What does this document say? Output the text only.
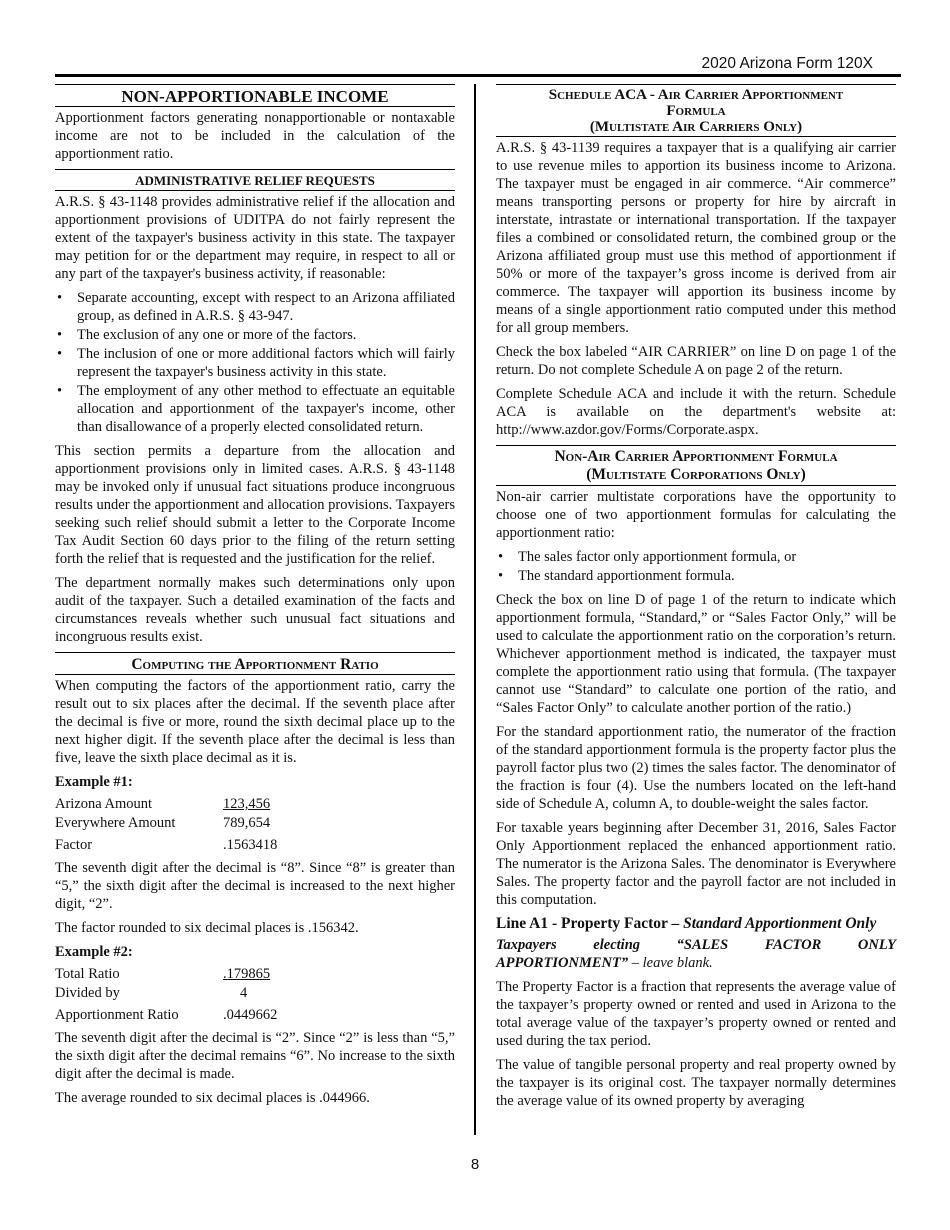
2020 Arizona Form 120X
NON-APPORTIONABLE INCOME

Apportionment factors generating nonapportionable or nontaxable income are not to be included in the calculation of the apportionment ratio.

ADMINISTRATIVE RELIEF REQUESTS

A.R.S. § 43-1148 provides administrative relief if the allocation and apportionment provisions of UDITPA do not fairly represent the extent of the taxpayer's business activity in this state. The taxpayer may petition for or the department may require, in respect to all or any part of the taxpayer's business activity, if reasonable:

• Separate accounting, except with respect to an Arizona affiliated group, as defined in A.R.S. § 43-947.
• The exclusion of any one or more of the factors.
• The inclusion of one or more additional factors which will fairly represent the taxpayer's business activity in this state.
• The employment of any other method to effectuate an equitable allocation and apportionment of the taxpayer's income, other than disallowance of a properly elected consolidated return.

This section permits a departure from the allocation and apportionment provisions only in limited cases. A.R.S. § 43-1148 may be invoked only if unusual fact situations produce incongruous results under the apportionment and allocation provisions. Taxpayers seeking such relief should submit a letter to the Corporate Income Tax Audit Section 60 days prior to the filing of the return setting forth the relief that is requested and the justification for the relief.

The department normally makes such determinations only upon audit of the taxpayer. Such a detailed examination of the facts and circumstances reveals whether such unusual fact situations and incongruous results exist.

Computing the Apportionment Ratio

When computing the factors of the apportionment ratio, carry the result out to six places after the decimal. If the seventh place after the decimal is five or more, round the sixth decimal place up to the next higher digit. If the seventh place after the decimal is less than five, leave the sixth place decimal as it is.

Example #1:
Arizona Amount	123,456
Everywhere Amount	789,654
Factor	.1563418

The seventh digit after the decimal is “8”. Since “8” is greater than “5,” the sixth digit after the decimal is increased to the next higher digit, “2”.

The factor rounded to six decimal places is .156342.

Example #2:
Total Ratio	.179865
Divided by	4
Apportionment Ratio	.0449662

The seventh digit after the decimal is “2”. Since “2” is less than “5,” the sixth digit after the decimal remains “6”. No increase to the sixth digit after the decimal is made.

The average rounded to six decimal places is .044966.

Schedule ACA - Air Carrier Apportionment
Formula
(Multistate Air Carriers Only)

A.R.S. § 43-1139 requires a taxpayer that is a qualifying air carrier to use revenue miles to apportion its business income to Arizona. The taxpayer must be engaged in air commerce. “Air commerce” means transporting persons or property for hire by aircraft in interstate, intrastate or international transportation. If the taxpayer files a combined or consolidated return, the combined group or the Arizona affiliated group must use this method of apportionment if 50% or more of the taxpayer’s gross income is derived from air commerce. The taxpayer will apportion its business income by means of a single apportionment ratio computed under this method for all group members.

Check the box labeled “AIR CARRIER” on line D on page 1 of the return. Do not complete Schedule A on page 2 of the return.

Complete Schedule ACA and include it with the return. Schedule ACA is available on the department's website at: http://www.azdor.gov/Forms/Corporate.aspx.

Non-Air Carrier Apportionment Formula
(Multistate Corporations Only)

Non-air carrier multistate corporations have the opportunity to choose one of two apportionment formulas for calculating the apportionment ratio:

• The sales factor only apportionment formula, or
• The standard apportionment formula.

Check the box on line D of page 1 of the return to indicate which apportionment formula, “Standard,” or “Sales Factor Only,” will be used to calculate the apportionment ratio on the corporation’s return. Whichever apportionment method is indicated, the taxpayer must complete the apportionment ratio using that formula. (The taxpayer cannot use “Standard” to calculate one portion of the ratio, and “Sales Factor Only” to calculate another portion of the ratio.)

For the standard apportionment ratio, the numerator of the fraction of the standard apportionment formula is the property factor plus the payroll factor plus two (2) times the sales factor. The denominator of the fraction is four (4). Use the numbers located on the left-hand side of Schedule A, column A, to double-weight the sales factor.

For taxable years beginning after December 31, 2016, Sales Factor Only Apportionment replaced the enhanced apportionment ratio. The numerator is the Arizona Sales. The denominator is Everywhere Sales. The property factor and the payroll factor are not included in this computation.

Line A1 - Property Factor – Standard Apportionment Only
Taxpayers electing “SALES FACTOR ONLY APPORTIONMENT” – leave blank.

The Property Factor is a fraction that represents the average value of the taxpayer’s property owned or rented and used in Arizona to the total average value of the taxpayer’s property owned or rented and used during the tax period.

The value of tangible personal property and real property owned by the taxpayer is its original cost. The taxpayer normally determines the average value of its owned property by averaging

8
